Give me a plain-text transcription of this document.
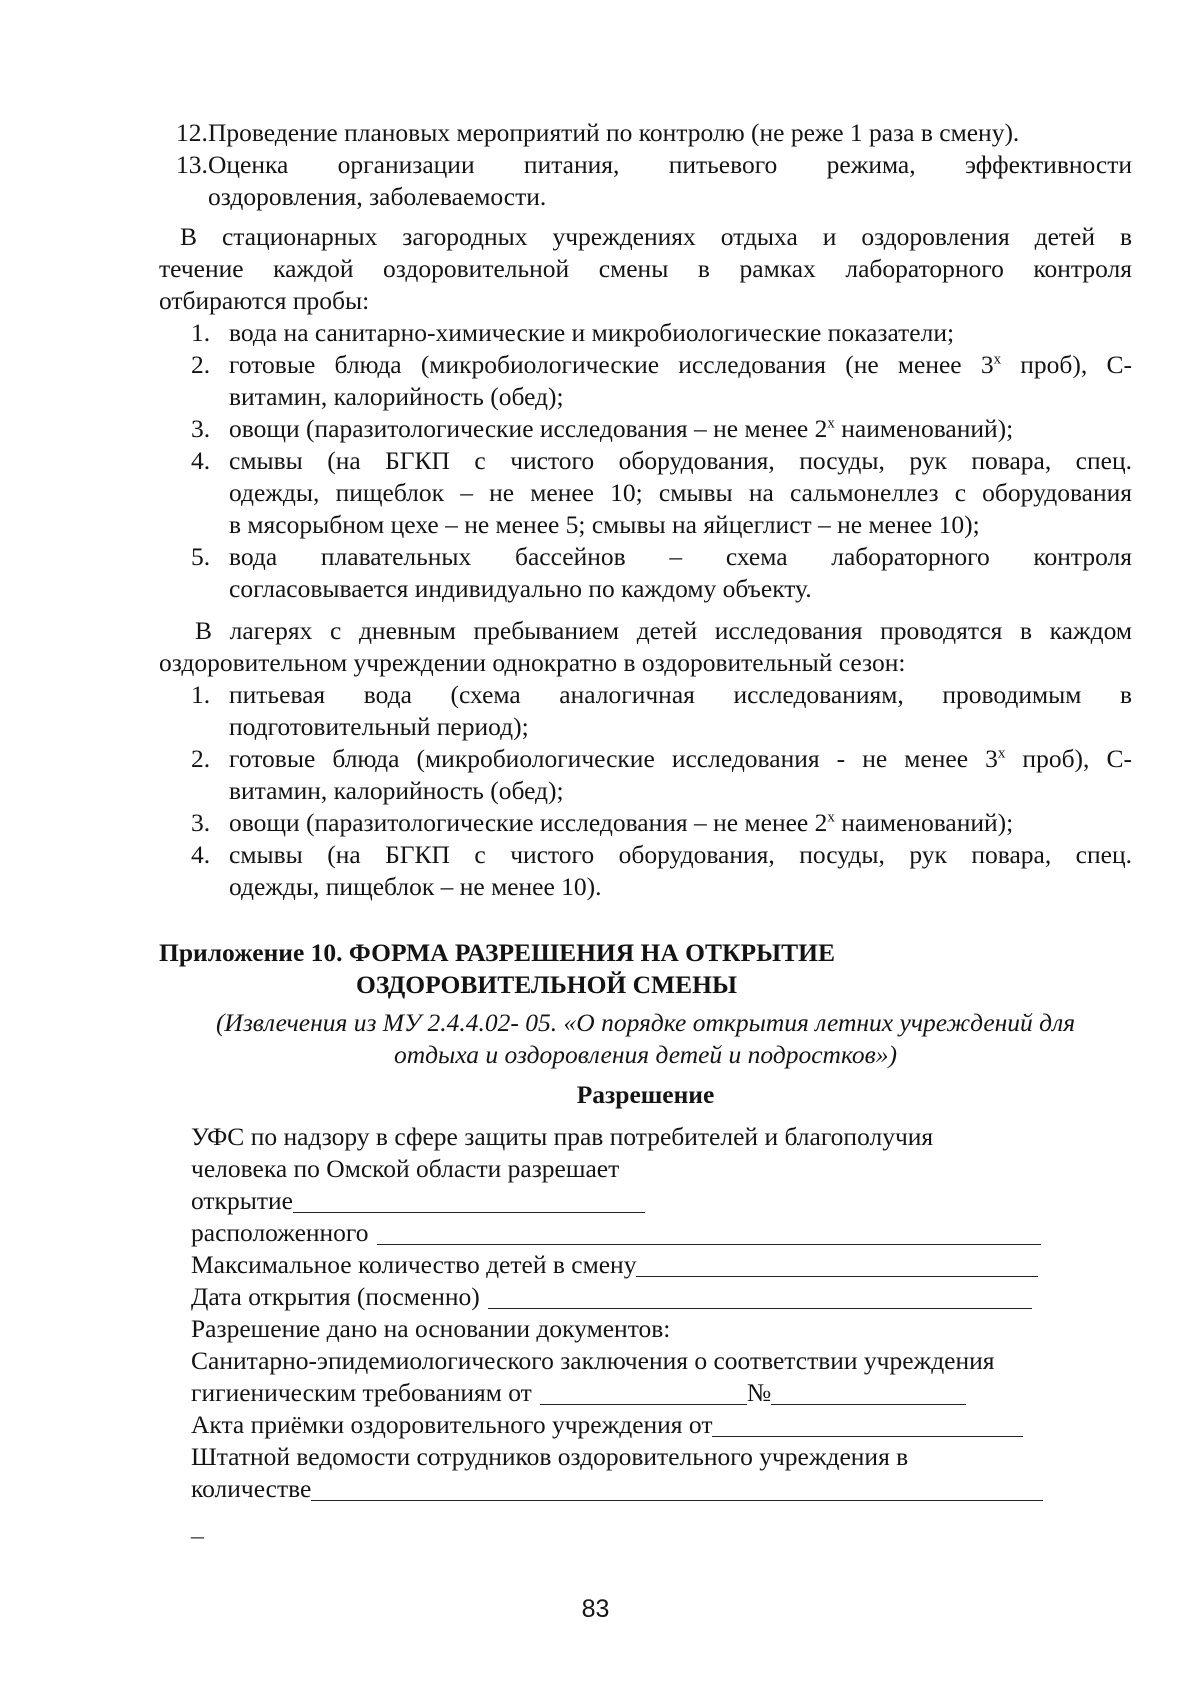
12. Проведение плановых мероприятий по контролю (не реже 1 раза в смену).
13. Оценка организации питания, питьевого режима, эффективности
оздоровления, заболеваемости.
В стационарных загородных учреждениях отдыха и оздоровления детей в
течение каждой оздоровительной смены в рамках лабораторного контроля
отбираются пробы:
1. вода на санитарно-химические и микробиологические показатели;
2. готовые блюда (микробиологические исследования (не менее $3^х$ проб), С-
витамин, калорийность (обед);
3. овощи (паразитологические исследования – не менее $2^х$ наименований);
4. смывы (на БГКП с чистого оборудования, посуды, рук повара, спец.
одежды, пищеблок – не менее 10; смывы на сальмонеллез с оборудования
в мясорыбном цехе – не менее 5; смывы на яйцеглист – не менее 10);
5. вода плавательных бассейнов – схема лабораторного контроля
согласовывается индивидуально по каждому объекту.
В лагерях с дневным пребыванием детей исследования проводятся в каждом
оздоровительном учреждении однократно в оздоровительный сезон:
1. питьевая вода (схема аналогичная исследованиям, проводимым в
подготовительный период);
2. готовые блюда (микробиологические исследования - не менее $3^х$ проб), С-
витамин, калорийность (обед);
3. овощи (паразитологические исследования – не менее $2^х$ наименований);
4. смывы (на БГКП с чистого оборудования, посуды, рук повара, спец.
одежды, пищеблок – не менее 10).
Приложение 10. ФОРМА РАЗРЕШЕНИЯ НА ОТКРЫТИЕ
ОЗДОРОВИТЕЛЬНОЙ СМЕНЫ
(Извлечения из МУ 2.4.4.02- 05. «О порядке открытия летних учреждений для
отдыха и оздоровления детей и подростков»)
Разрешение
УФС по надзору в сфере защиты прав потребителей и благополучия
человека по Омской области разрешает
открытие
расположенного
Максимальное количество детей в смену
Дата открытия (посменно)
Разрешение дано на основании документов:
Санитарно-эпидемиологического заключения о соответствии учреждения
гигиеническим требованиям от	№
Акта приёмки оздоровительного учреждения от
Штатной ведомости сотрудников оздоровительного учреждения в
количестве
_
83
